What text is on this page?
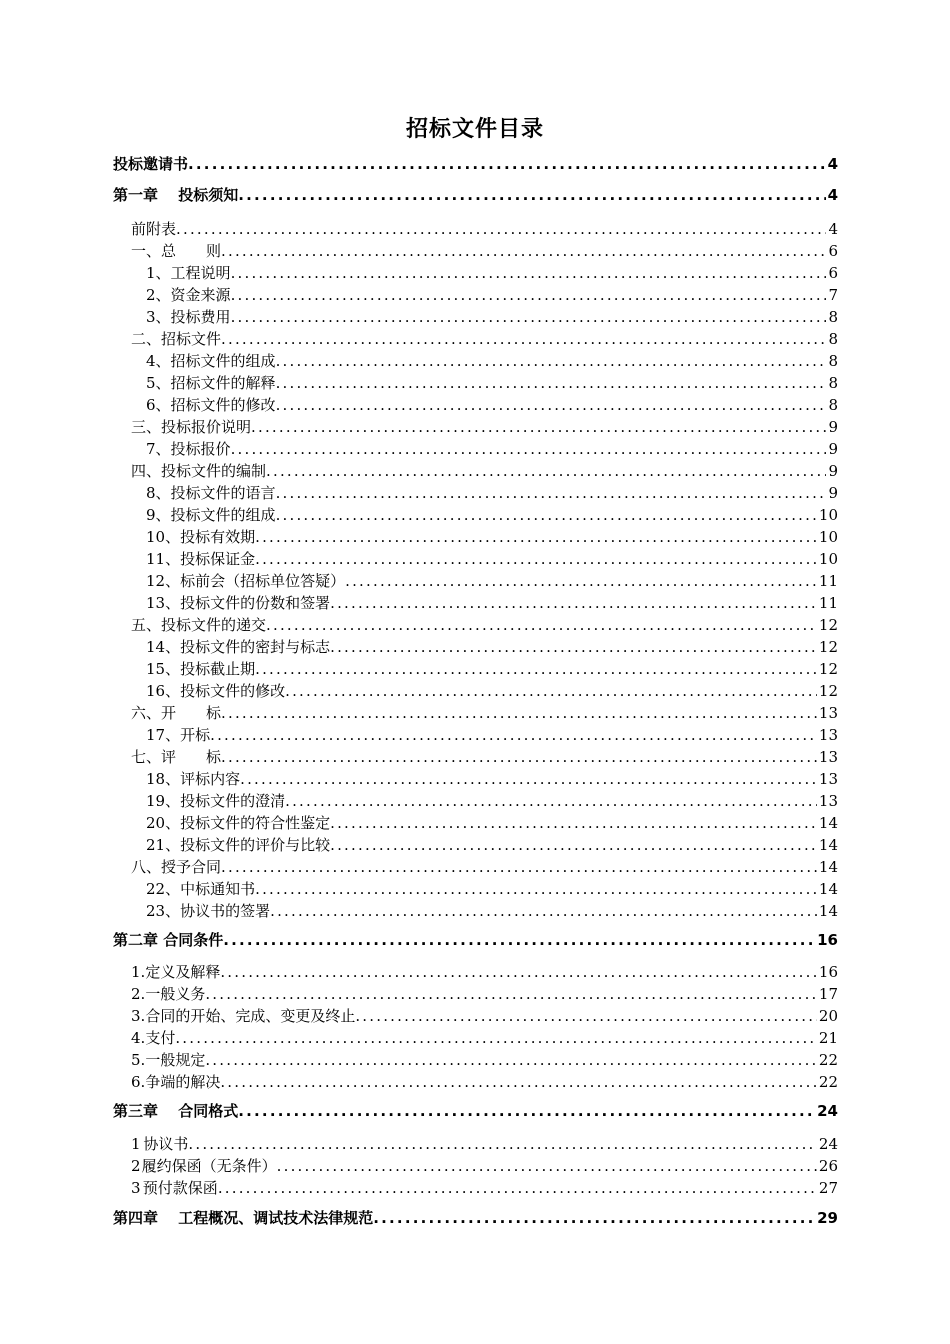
招标文件目录
投标邀请书 .....	4
第一章　 投标须知 .....	4
前附表 .....	4
一、总　　则 .....	6
1、 工程说明 .....	6
2、 资金来源 .....	7
3、 投标费用 .....	8
二、招标文件 .....	8
4、 招标文件的组成 .....	8
5、 招标文件的解释 .....	8
6、 招标文件的修改 .....	8
三、投标报价说明 .....	9
7、 投标报价 .....	9
四、投标文件的编制 .....	9
8、 投标文件的语言 .....	9
9、 投标文件的组成 .....	10
10、 投标有效期 .....	10
11、 投标保证金 .....	10
12、 标前会（招标单位答疑） .....	11
13、 投标文件的份数和签署 .....	11
五、投标文件的递交 .....	12
14、 投标文件的密封与标志 .....	12
15、 投标截止期 .....	12
16、 投标文件的修改 .....	12
六、开　　标 .....	13
17、 开标 .....	13
七、评　　标 .....	13
18、 评标内容 .....	13
19、 投标文件的澄清 .....	13
20、 投标文件的符合性鉴定 .....	14
21、 投标文件的评价与比较 .....	14
八、授予合同 .....	14
22、 中标通知书 .....	14
23、 协议书的签署 .....	14
第二章 合同条件 .....	16
1. 定义及解释 .....	16
2. 一般义务 .....	17
3. 合同的开始、完成、变更及终止 .....	20
4. 支付 .....	21
5. 一般规定 .....	22
6. 争端的解决 .....	22
第三章　 合同格式 .....	24
1 协议书 .....	24
2 履约保函（无条件） .....	26
3 预付款保函 .....	27
第四章　 工程概况、调试技术法律规范 .....	29
